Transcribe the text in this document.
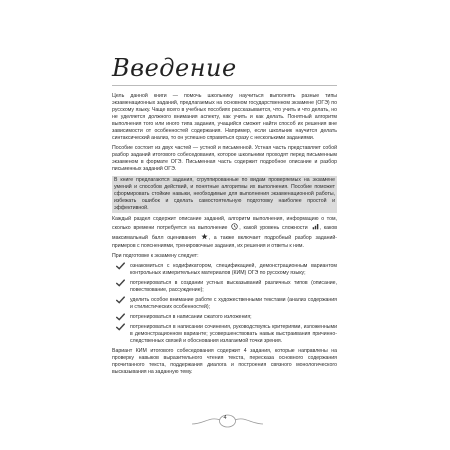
Введение

Цель данной книги — помочь школьнику научиться выполнять разные типы экзаменационных заданий, предлагаемых на основном государственном экзамене (ОГЭ) по русскому языку. Чаще всего в учебных пособиях рассказывается, что учить и что делать, но не уделяется должного внимания аспекту, как учить и как делать. Понятный алгоритм выполнения того или иного типа задания, учащийся сможет найти способ их решения вне зависимости от особенностей содержания. Например, если школьник научится делать синтаксический анализ, то он успешно справиться сразу с несколькими заданиями.

Пособие состоит из двух частей — устной и письменной. Устная часть представляет собой разбор заданий итогового собеседования, которое школьники проходят перед письменным экзаменом в формате ОГЭ. Письменная часть содержит подробное описание и разбор письменных заданий ОГЭ.

В книге предлагаются задания, сгруппированные по видам проверяемых на экзамене умений и способов действий, и понятные алгоритмы их выполнения. Пособие поможет сформировать стойкие навыки, необходимые для выполнения экзаменационной работы, избежать ошибок и сделать самостоятельную подготовку наиболее простой и эффективной.

Каждый раздел содержит описание заданий, алгоритм выполнения, информацию о том, сколько времени потребуется на выполнение , какой уровень сложности , каков максимальный балл оценивания , а также включает подробный разбор заданий-примеров с пояснениями, тренировочные задания, их решения и ответы к ним.

При подготовке к экзамену следует:

ознакомиться с кодификатором, спецификацией, демонстрационным вариантом контрольных измерительных материалов (КИМ) ОГЭ по русскому языку;
потренироваться в создании устных высказываний различных типов (описание, повествование, рассуждение);
уделить особое внимание работе с художественными текстами (анализ содержания и стилистических особенностей);
потренироваться в написании сжатого изложения;
потренироваться в написании сочинения, руководствуясь критериями, изложенными в демонстрационном варианте; усовершенствовать навык выстраивания причинно-следственных связей и обоснования излагаемой точки зрения.

Вариант КИМ итогового собеседования содержит 4 задания, которые направлены на проверку навыков выразительного чтения текста, пересказа основного содержания прочитанного текста, поддержания диалога и построения связного монологического высказывания на заданную тему.

4
